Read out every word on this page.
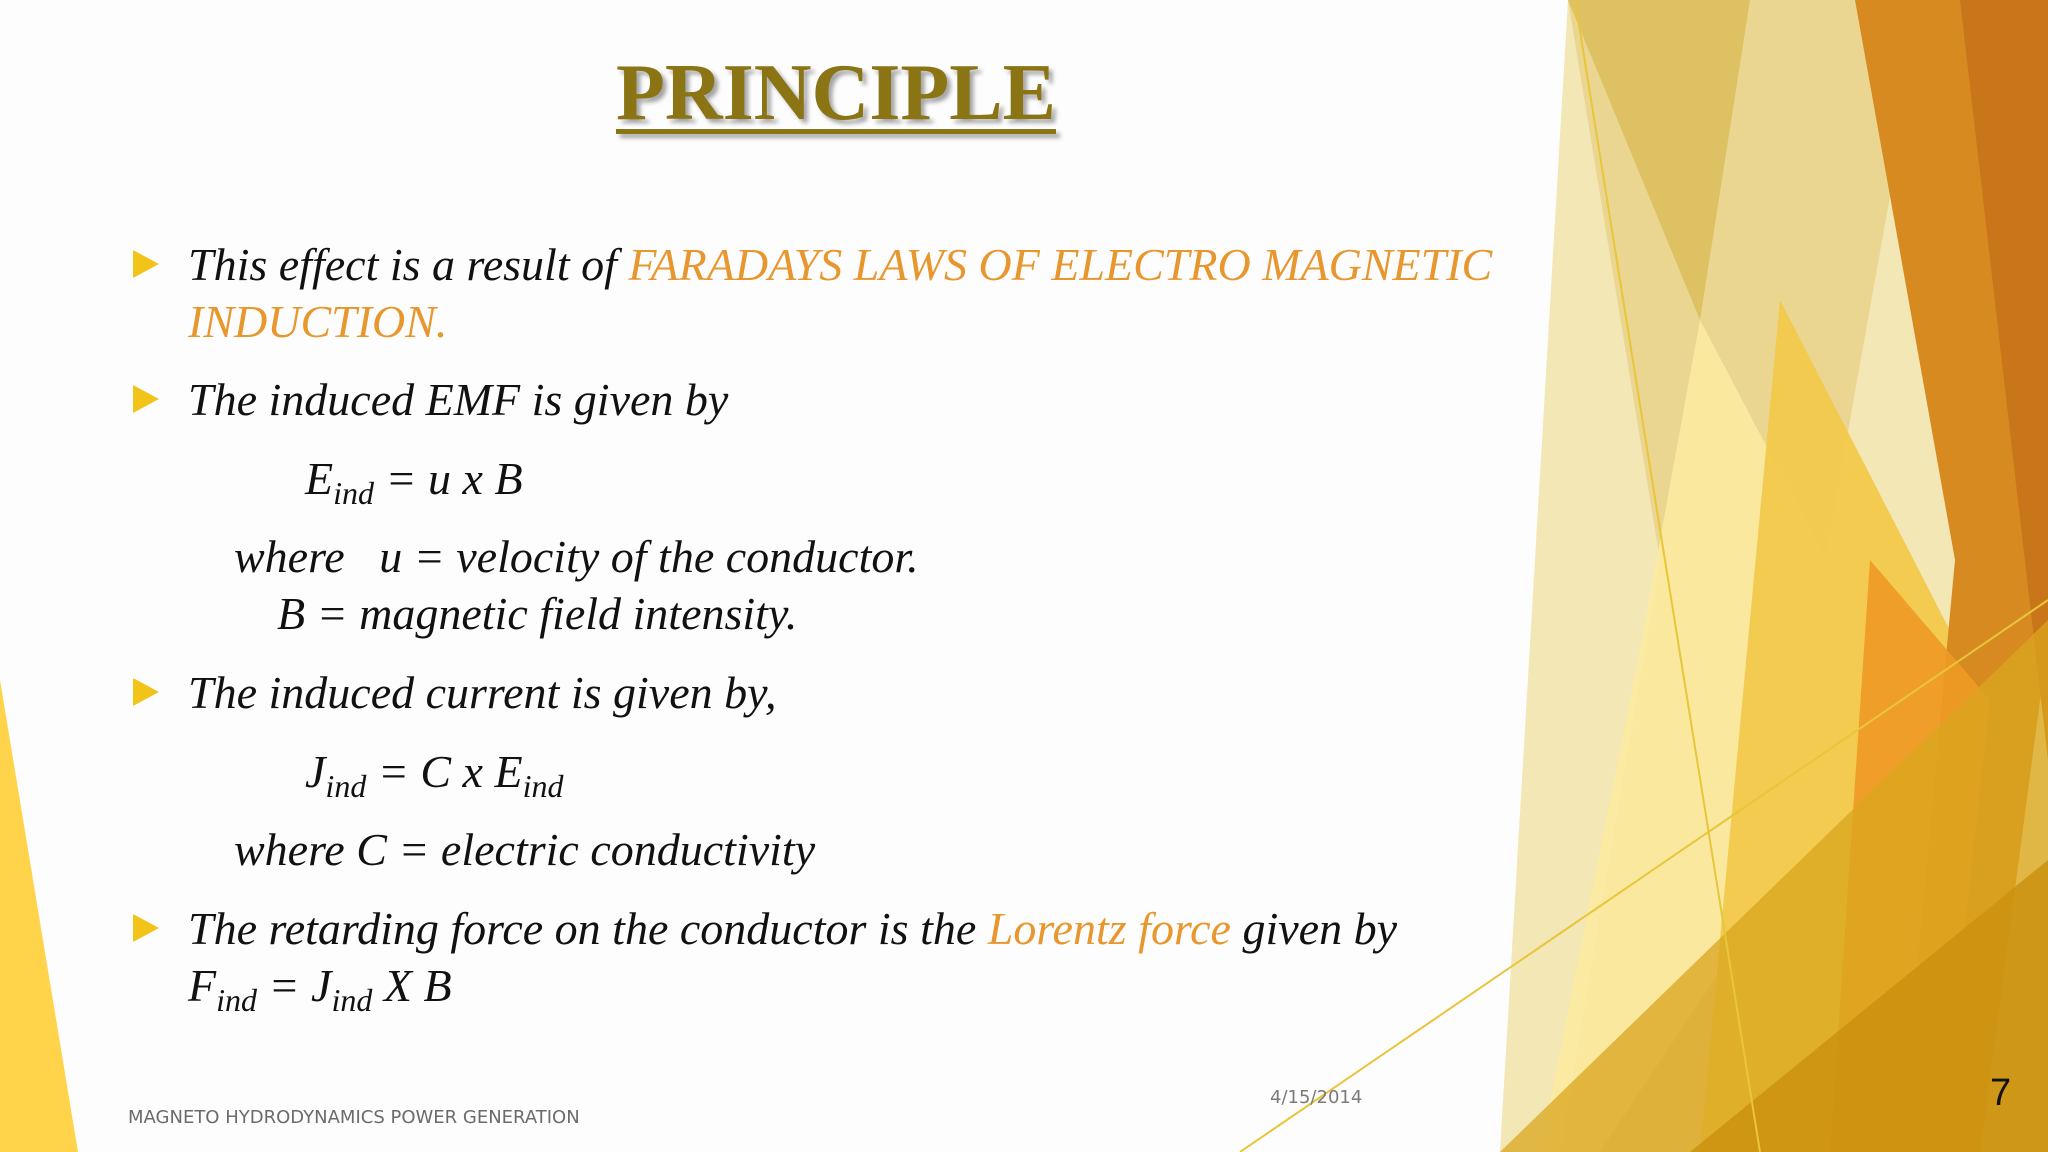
PRINCIPLE
This effect is a result of FARADAYS LAWS OF ELECTRO MAGNETIC INDUCTION.
The induced EMF is given by
$E_{ind} = u$ x B
where   u = velocity of the conductor.
B = magnetic field intensity.
The induced current is given by,
$J_{ind} = C$ x $E_{ind}$
where C = electric conductivity
The retarding force on the conductor is the Lorentz force given by
$F_{ind} = J_{ind}$ X B
MAGNETO HYDRODYNAMICS POWER GENERATION
4/15/2014	7
